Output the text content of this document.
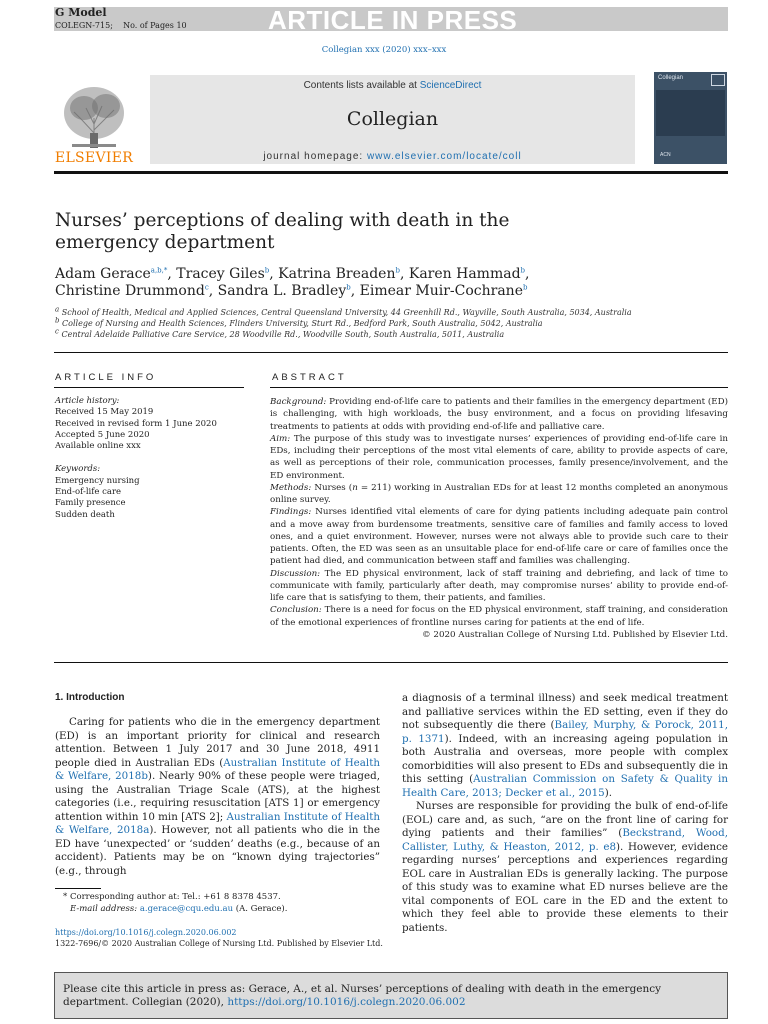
G Model
COLEGN-715; No. of Pages 10	ARTICLE IN PRESS
Collegian xxx (2020) xxx–xxx
ELSEVIER
Contents lists available at ScienceDirect
Collegian
journal homepage: www.elsevier.com/locate/coll
Collegian
ACN
Nurses’ perceptions of dealing with death in the emergency department
Adam Gerace$^{a,b,*}$, Tracey Giles$^b$, Katrina Breaden$^b$, Karen Hammad$^b$,
Christine Drummond$^c$, Sandra L. Bradley$^b$, Eimear Muir-Cochrane$^b$
$^a$ School of Health, Medical and Applied Sciences, Central Queensland University, 44 Greenhill Rd., Wayville, South Australia, 5034, Australia
$^b$ College of Nursing and Health Sciences, Flinders University, Sturt Rd., Bedford Park, South Australia, 5042, Australia
$^c$ Central Adelaide Palliative Care Service, 28 Woodville Rd., Woodville South, South Australia, 5011, Australia
ARTICLE INFO
Article history:
Received 15 May 2019
Received in revised form 1 June 2020
Accepted 5 June 2020
Available online xxx
Keywords:
Emergency nursing
End-of-life care
Family presence
Sudden death
ABSTRACT

Background: Providing end-of-life care to patients and their families in the emergency department (ED) is challenging, with high workloads, the busy environment, and a focus on providing lifesaving treatments to patients at odds with providing end-of-life and palliative care.

Aim: The purpose of this study was to investigate nurses’ experiences of providing end-of-life care in EDs, including their perceptions of the most vital elements of care, ability to provide aspects of care, as well as perceptions of their role, communication processes, family presence/involvement, and the ED environment.

Methods: Nurses (n = 211) working in Australian EDs for at least 12 months completed an anonymous online survey.

Findings: Nurses identified vital elements of care for dying patients including adequate pain control and a move away from burdensome treatments, sensitive care of families and family access to loved ones, and a quiet environment. However, nurses were not always able to provide such care to their patients. Often, the ED was seen as an unsuitable place for end-of-life care or care of families once the patient had died, and communication between staff and families was challenging.

Discussion: The ED physical environment, lack of staff training and debriefing, and lack of time to communicate with family, particularly after death, may compromise nurses’ ability to provide end-of-life care that is satisfying to them, their patients, and families.

Conclusion: There is a need for focus on the ED physical environment, staff training, and consideration of the emotional experiences of frontline nurses caring for patients at the end of life.

© 2020 Australian College of Nursing Ltd. Published by Elsevier Ltd.

1. Introduction

Caring for patients who die in the emergency department (ED) is an important priority for clinical and research attention. Between 1 July 2017 and 30 June 2018, 4911 people died in Australian EDs (Australian Institute of Health & Welfare, 2018b). Nearly 90% of these people were triaged, using the Australian Triage Scale (ATS), at the highest categories (i.e., requiring resuscitation [ATS 1] or emergency attention within 10 min [ATS 2]; Australian Institute of Health & Welfare, 2018a). However, not all patients who die in the ED have ‘unexpected’ or ‘sudden’ deaths (e.g., because of an accident). Patients may be on “known dying trajectories” (e.g., through

a diagnosis of a terminal illness) and seek medical treatment and palliative services within the ED setting, even if they do not subsequently die there (Bailey, Murphy, & Porock, 2011, p. 1371). Indeed, with an increasing ageing population in both Australia and overseas, more people with complex comorbidities will also present to EDs and subsequently die in this setting (Australian Commission on Safety & Quality in Health Care, 2013; Decker et al., 2015).

Nurses are responsible for providing the bulk of end-of-life (EOL) care and, as such, “are on the front line of caring for dying patients and their families” (Beckstrand, Wood, Callister, Luthy, & Heaston, 2012, p. e8). However, evidence regarding nurses’ perceptions and experiences regarding EOL care in Australian EDs is generally lacking. The purpose of this study was to examine what ED nurses believe are the vital components of EOL care in the ED and the extent to which they feel able to provide these elements to their patients.

* Corresponding author at: Tel.: +61 8 8378 4537.
E-mail address: a.gerace@cqu.edu.au (A. Gerace).
https://doi.org/10.1016/j.colegn.2020.06.002
1322-7696/© 2020 Australian College of Nursing Ltd. Published by Elsevier Ltd.
Please cite this article in press as: Gerace, A., et al. Nurses’ perceptions of dealing with death in the emergency department. Collegian (2020), https://doi.org/10.1016/j.colegn.2020.06.002
